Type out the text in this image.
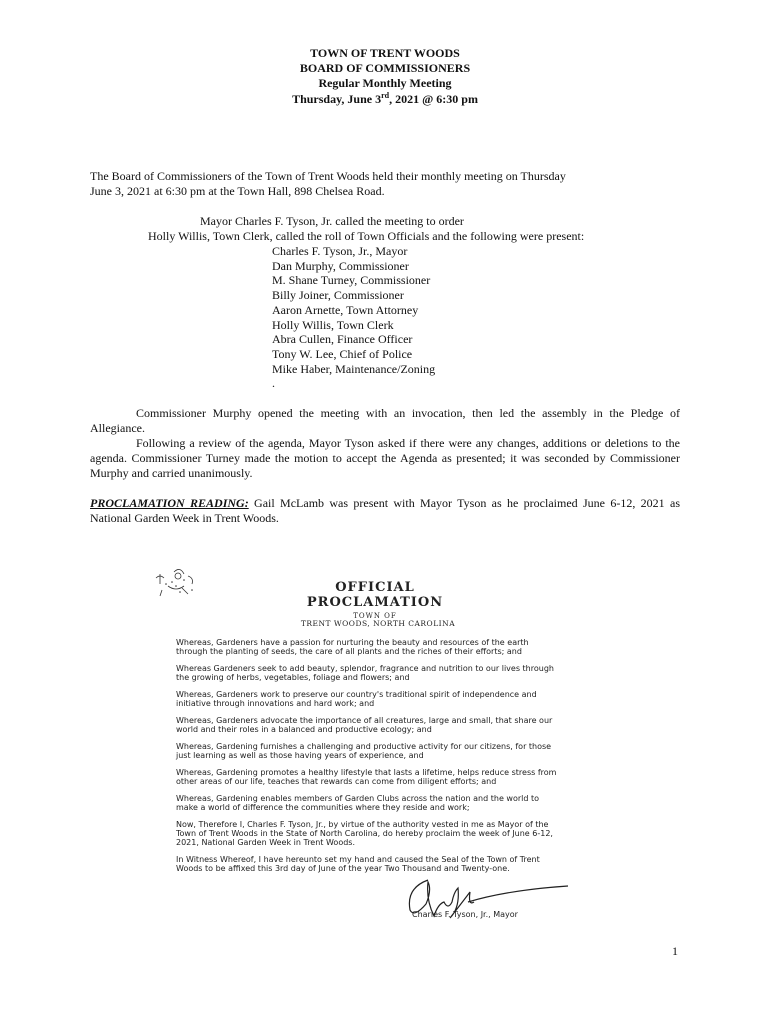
TOWN OF TRENT WOODS
BOARD OF COMMISSIONERS
Regular Monthly Meeting
Thursday, June 3rd, 2021 @ 6:30 pm
The Board of Commissioners of the Town of Trent Woods held their monthly meeting on Thursday
June 3, 2021 at 6:30 pm at the Town Hall, 898 Chelsea Road.
Mayor Charles F. Tyson, Jr. called the meeting to order
Holly Willis, Town Clerk, called the roll of Town Officials and the following were present:
Charles F. Tyson, Jr., Mayor
Dan Murphy, Commissioner
M. Shane Turney, Commissioner
Billy Joiner, Commissioner
Aaron Arnette, Town Attorney
Holly Willis, Town Clerk
Abra Cullen, Finance Officer
Tony W. Lee, Chief of Police
Mike Haber, Maintenance/Zoning
.
Commissioner Murphy opened the meeting with an invocation, then led the assembly in the Pledge of Allegiance.
Following a review of the agenda, Mayor Tyson asked if there were any changes, additions or deletions to the agenda. Commissioner Turney made the motion to accept the Agenda as presented; it was seconded by Commissioner Murphy and carried unanimously.
PROCLAMATION READING: Gail McLamb was present with Mayor Tyson as he proclaimed June 6-12, 2021 as National Garden Week in Trent Woods.
OFFICIAL
PROCLAMATION
TOWN OF
TRENT WOODS, NORTH CAROLINA

Whereas, Gardeners have a passion for nurturing the beauty and resources of the earth through the planting of seeds, the care of all plants and the riches of their efforts; and

Whereas Gardeners seek to add beauty, splendor, fragrance and nutrition to our lives through the growing of herbs, vegetables, foliage and flowers; and

Whereas, Gardeners work to preserve our country's traditional spirit of independence and initiative through innovations and hard work; and

Whereas, Gardeners advocate the importance of all creatures, large and small, that share our world and their roles in a balanced and productive ecology; and

Whereas, Gardening furnishes a challenging and productive activity for our citizens, for those just learning as well as those having years of experience, and

Whereas, Gardening promotes a healthy lifestyle that lasts a lifetime, helps reduce stress from other areas of our life, teaches that rewards can come from diligent efforts; and

Whereas, Gardening enables members of Garden Clubs across the nation and the world to make a world of difference the communities where they reside and work;

Now, Therefore I, Charles F. Tyson, Jr., by virtue of the authority vested in me as Mayor of the Town of Trent Woods in the State of North Carolina, do hereby proclaim the week of June 6-12, 2021, National Garden Week in Trent Woods.

In Witness Whereof, I have hereunto set my hand and caused the Seal of the Town of Trent Woods to be affixed this 3rd day of June of the year Two Thousand and Twenty-one.

Charles F. Tyson, Jr., Mayor
1
